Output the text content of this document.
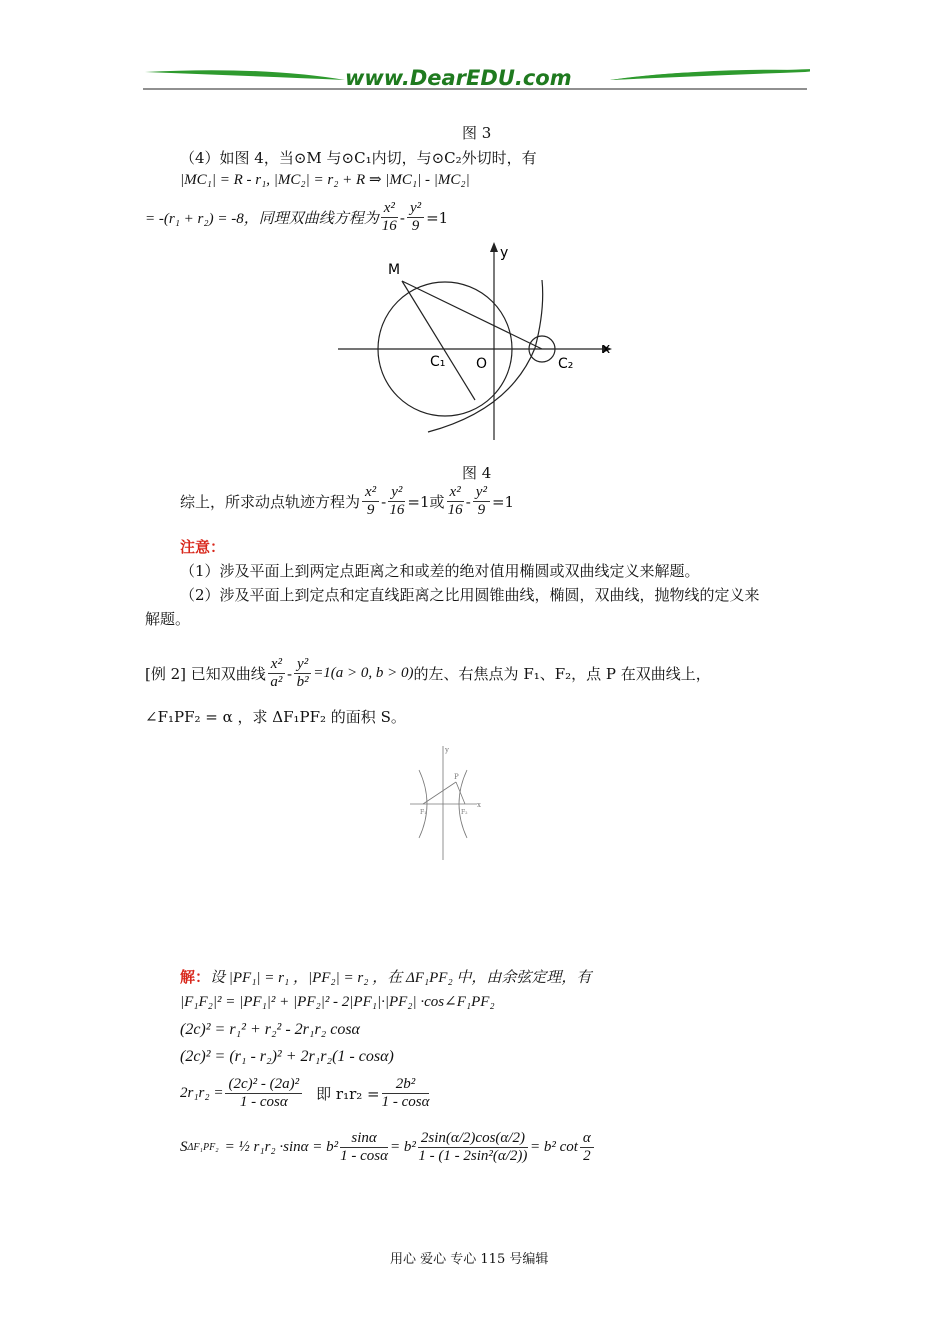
www.DearEDU.com
图 3
（4）如图 4，当⊙M 与⊙C₁内切，与⊙C₂外切时，有
|MC₁| = R - r₁, |MC₂| = r₂ + R ⇒ |MC₁| - |MC₂|
= -(r₁ + r₂) = -8，同理双曲线方程为 $\frac{\text{x²}}{16} - \frac{\text{y²}}{9} =1$
M
C₁ O	C₂
x
y
图 4
综上，所求动点轨迹方程为 $\frac{\text{x²}}{9} - \frac{\text{y²}}{16} =1$ 或 $\frac{\text{x²}}{16} - \frac{\text{y²}}{9} =1$
注意：
（1）涉及平面上到两定点距离之和或差的绝对值用椭圆或双曲线定义来解题。
（2）涉及平面上到定点和定直线距离之比用圆锥曲线，椭圆，双曲线，抛物线的定义来
解题。
[例 2] 已知双曲线 $\frac{\text{x²}}{\text{a²}} - \frac{\text{y²}}{\text{b²}} =1(a > 0$, b > 0) 的左、右焦点为 F₁、F₂，点 P 在双曲线上，
∠F₁PF₂ = α ，求 ΔF₁PF₂ 的面积 S。
y
x
P
F₁	F₂
解：设 |PF₁| = r₁ ，|PF₂| = r₂ ，在 ΔF₁PF₂ 中，由余弦定理，有
|F₁F₂|² = |PF₁|² + |PF₂|² - 2|PF₁|·|PF₂| ·cos∠F₁PF₂
(2c)² = r₁² + r₂² - 2r₁r₂ cosα
(2c)² = (r₁ - r₂)² + 2r₁r₂(1 - cosα)
$2r_1r_2 = \frac{\text{(2c)² - (2a)²}}{1 - \cos\alpha}$ 即 $r_1r_2 = \frac{\text{2b²}}{1 - \cos\alpha}$
S ΔF₁PF₂ = ½ $r_1r_2 \cdot\sin\alpha = b^2 \frac{\sin\alpha}{1 - \cos\alpha} = b^2 \frac{2\sin(\alpha/2)\cos(\alpha/2)}{\text{1 - (1 - 2sin²(α/2))}} = b^2$ $\cot \frac{\alpha}{2}$
用心 爱心 专心 115 号编辑
